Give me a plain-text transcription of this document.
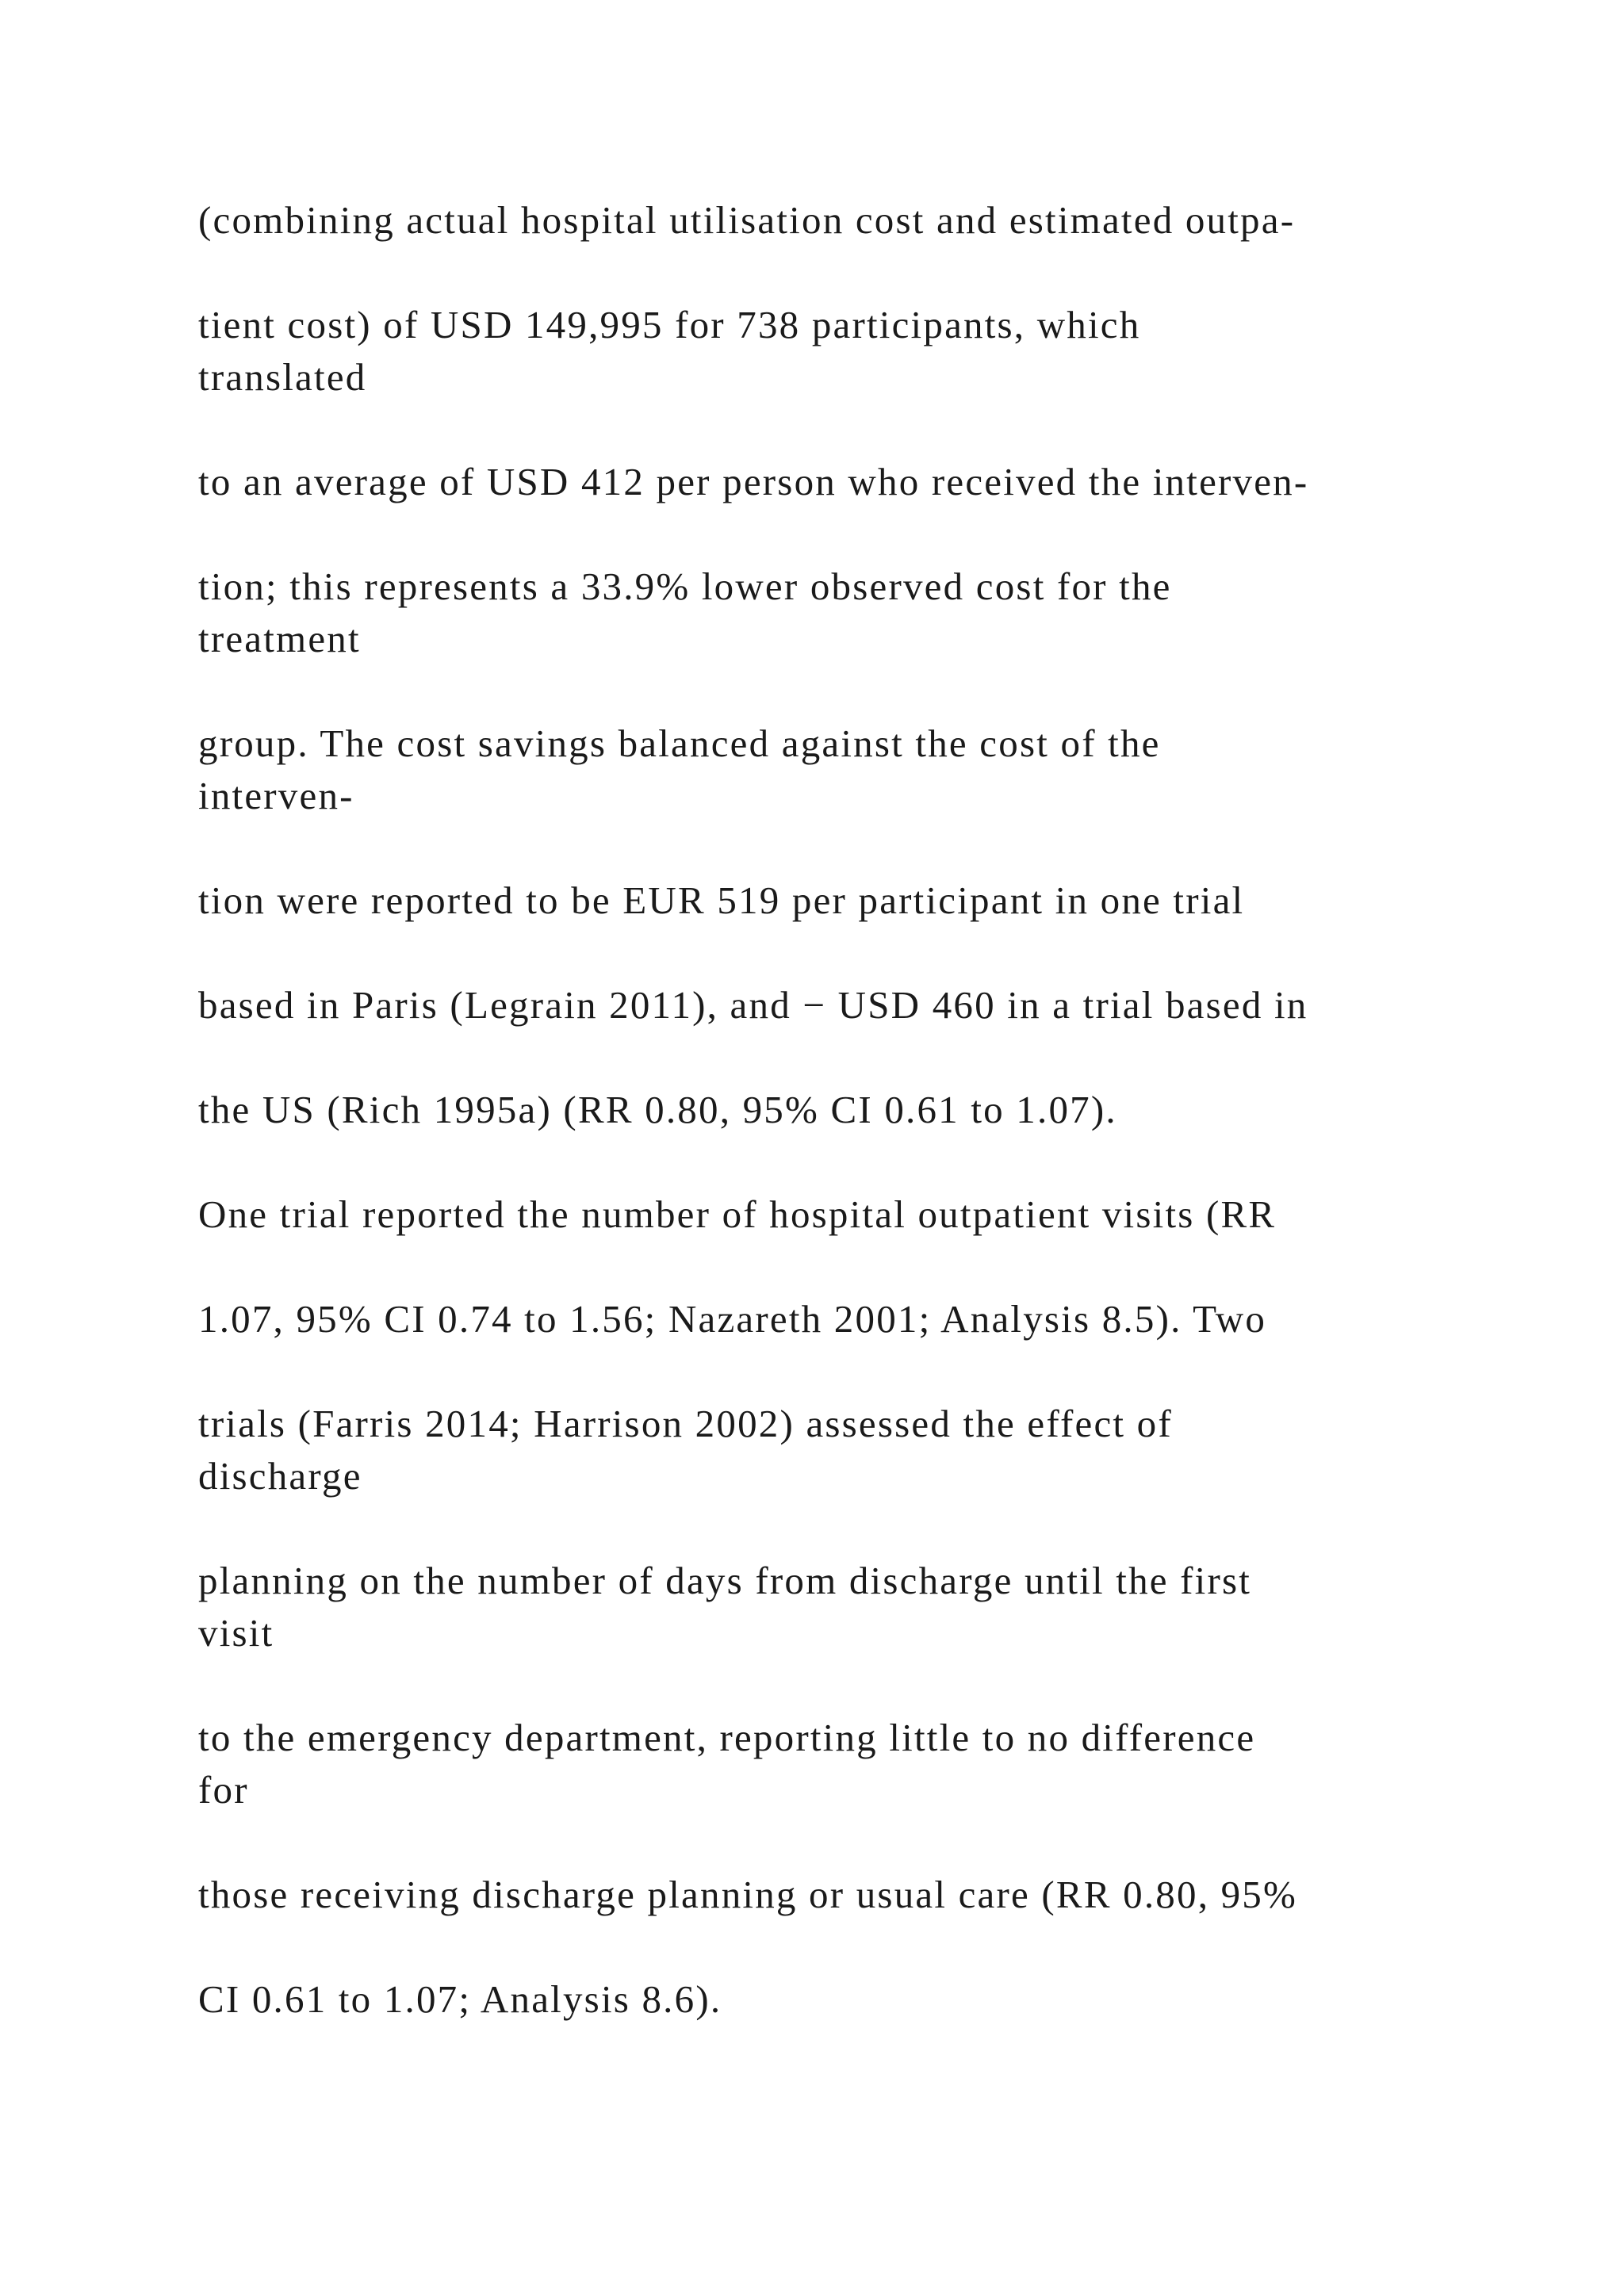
(combining actual hospital utilisation cost and estimated outpa-

tient cost) of USD 149,995 for 738 participants, which
translated

to an average of USD 412 per person who received the interven-

tion; this represents a 33.9% lower observed cost for the
treatment

group. The cost savings balanced against the cost of the
interven-

tion were reported to be EUR 519 per participant in one trial

based in Paris (Legrain 2011), and − USD 460 in a trial based in

the US (Rich 1995a) (RR 0.80, 95% CI 0.61 to 1.07).

One trial reported the number of hospital outpatient visits (RR

1.07, 95% CI 0.74 to 1.56; Nazareth 2001; Analysis 8.5). Two

trials (Farris 2014; Harrison 2002) assessed the effect of
discharge

planning on the number of days from discharge until the first
visit

to the emergency department, reporting little to no difference
for

those receiving discharge planning or usual care (RR 0.80, 95%

CI 0.61 to 1.07; Analysis 8.6).
